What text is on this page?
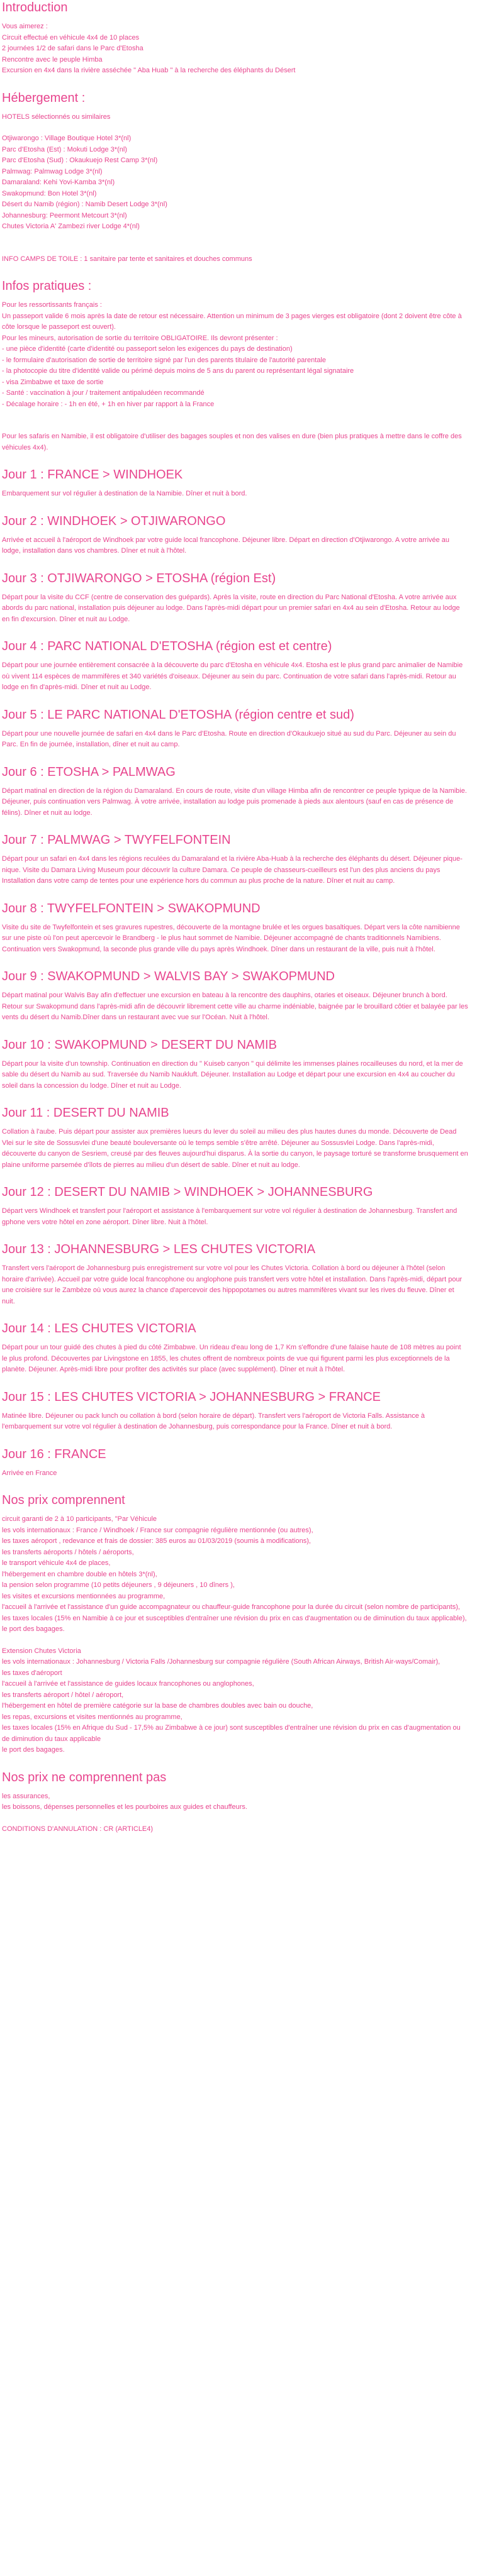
Introduction
Vous aimerez :
Circuit effectué en véhicule 4x4 de 10 places
2 journées 1/2 de safari dans le Parc d'Etosha
Rencontre avec le peuple Himba
Excursion en 4x4 dans la rivière asséchée " Aba Huab " à la recherche des éléphants du Désert
Hébergement :
HOTELS sélectionnés ou similaires
Otjiwarongo : Village Boutique Hotel 3*(nl)
Parc d'Etosha (Est) : Mokuti Lodge 3*(nl)
Parc d'Etosha (Sud) : Okaukuejo Rest Camp 3*(nl)
Palmwag: Palmwag Lodge 3*(nl)
Damaraland: Kehi Yovi-Kamba 3*(nl)
Swakopmund: Bon Hotel 3*(nl)
Désert du Namib (région) : Namib Desert Lodge 3*(nl)
Johannesburg: Peermont Metcourt 3*(nl)
Chutes Victoria A' Zambezi river Lodge 4*(nl)
INFO CAMPS DE TOILE : 1 sanitaire par tente et sanitaires et douches communs
Infos pratiques :
Pour les ressortissants français :
Un passeport valide 6 mois après la date de retour est nécessaire. Attention un minimum de 3 pages vierges est obligatoire (dont 2 doivent être côte à côte lorsque le passeport est ouvert).
Pour les mineurs, autorisation de sortie du territoire OBLIGATOIRE. Ils devront présenter :
- une pièce d'identité (carte d'identité ou passeport selon les exigences du pays de destination)
- le formulaire d'autorisation de sortie de territoire signé par l'un des parents titulaire de l'autorité parentale
- la photocopie du titre d'identité valide ou périmé depuis moins de 5 ans du parent ou représentant légal signataire
- visa Zimbabwe et taxe de sortie
- Santé : vaccination à jour / traitement antipaludéen recommandé
- Décalage horaire : - 1h en été, + 1h en hiver par rapport à la France
Pour les safaris en Namibie, il est obligatoire d'utiliser des bagages souples et non des valises en dure (bien plus pratiques à mettre dans le coffre des véhicules 4x4).
Jour 1 : FRANCE > WINDHOEK
Embarquement sur vol régulier à destination de la Namibie. Dîner et nuit à bord.
Jour 2 : WINDHOEK > OTJIWARONGO
Arrivée et accueil à l'aéroport de Windhoek par votre guide local francophone. Déjeuner libre. Départ en direction d'Otjiwarongo. A votre arrivée au lodge, installation dans vos chambres. Dîner et nuit à l'hôtel.
Jour 3 : OTJIWARONGO > ETOSHA (région Est)
Départ pour la visite du CCF (centre de conservation des guépards). Après la visite, route en direction du Parc National d'Etosha. A votre arrivée aux abords du parc national, installation puis déjeuner au lodge. Dans l'après-midi départ pour un premier safari en 4x4 au sein d'Etosha. Retour au lodge en fin d'excursion. Dîner et nuit au Lodge.
Jour 4 : PARC NATIONAL D'ETOSHA (région est et centre)
Départ pour une journée entièrement consacrée à la découverte du parc d'Etosha en véhicule 4x4. Etosha est le plus grand parc animalier de Namibie où vivent 114 espèces de mammifères et 340 variétés d'oiseaux. Déjeuner au sein du parc. Continuation de votre safari dans l'après-midi. Retour au lodge en fin d'après-midi. Dîner et nuit au Lodge.
Jour 5 : LE PARC NATIONAL D'ETOSHA (région centre et sud)
Départ pour une nouvelle journée de safari en 4x4 dans le Parc d'Etosha. Route en direction d'Okaukuejo situé au sud du Parc. Déjeuner au sein du Parc. En fin de journée, installation, dîner et nuit au camp.
Jour 6 : ETOSHA > PALMWAG
Départ matinal en direction de la région du Damaraland. En cours de route, visite d'un village Himba afin de rencontrer ce peuple typique de la Namibie. Déjeuner, puis continuation vers Palmwag. À votre arrivée, installation au lodge puis promenade à pieds aux alentours (sauf en cas de présence de félins). Dîner et nuit au lodge.
Jour 7 : PALMWAG > TWYFELFONTEIN
Départ pour un safari en 4x4 dans les régions reculées du Damaraland et la rivière Aba-Huab à la recherche des éléphants du désert. Déjeuner pique-nique. Visite du Damara Living Museum pour découvrir la culture Damara. Ce peuple de chasseurs-cueilleurs est l'un des plus anciens du pays Installation dans votre camp de tentes pour une expérience hors du commun au plus proche de la nature. Dîner et nuit au camp.
Jour 8 : TWYFELFONTEIN > SWAKOPMUND
Visite du site de Twyfelfontein et ses gravures rupestres, découverte de la montagne brulée et les orgues basaltiques. Départ vers la côte namibienne sur une piste où l'on peut apercevoir le Brandberg - le plus haut sommet de Namibie. Déjeuner accompagné de chants traditionnels Namibiens. Continuation vers Swakopmund, la seconde plus grande ville du pays après Windhoek. Dîner dans un restaurant de la ville, puis nuit à l'hôtel.
Jour 9 : SWAKOPMUND > WALVIS BAY > SWAKOPMUND
Départ matinal pour Walvis Bay afin d'effectuer une excursion en bateau à la rencontre des dauphins, otaries et oiseaux. Déjeuner brunch à bord. Retour sur Swakopmund dans l'après-midi afin de découvrir librement cette ville au charme indéniable, baignée par le brouillard côtier et balayée par les vents du désert du Namib.Dîner dans un restaurant avec vue sur l'Océan. Nuit à l'hôtel.
Jour 10 : SWAKOPMUND > DESERT DU NAMIB
Départ pour la visite d'un township. Continuation en direction du " Kuiseb canyon " qui délimite les immenses plaines rocailleuses du nord, et la mer de sable du désert du Namib au sud. Traversée du Namib Naukluft. Déjeuner. Installation au Lodge et départ pour une excursion en 4x4 au coucher du soleil dans la concession du lodge. Dîner et nuit au Lodge.
Jour 11 : DESERT DU NAMIB
Collation à l'aube. Puis départ pour assister aux premières lueurs du lever du soleil au milieu des plus hautes dunes du monde. Découverte de Dead Vlei sur le site de Sossusvlei d'une beauté bouleversante où le temps semble s'être arrêté. Déjeuner au Sossusvlei Lodge. Dans l'après-midi, découverte du canyon de Sesriem, creusé par des fleuves aujourd'hui disparus. À la sortie du canyon, le paysage torturé se transforme brusquement en plaine uniforme parsemée d'îlots de pierres au milieu d'un désert de sable. Dîner et nuit au lodge.
Jour 12 : DESERT DU NAMIB > WINDHOEK > JOHANNESBURG
Départ vers Windhoek et transfert pour l'aéroport et assistance à l'embarquement sur votre vol régulier à destination de Johannesburg. Transfert and gphone vers votre hôtel en zone aéroport. Dîner libre. Nuit à l'hôtel.
Jour 13 : JOHANNESBURG > LES CHUTES VICTORIA
Transfert vers l'aéroport de Johannesburg puis enregistrement sur votre vol pour les Chutes Victoria. Collation à bord ou déjeuner à l'hôtel (selon horaire d'arrivée). Accueil par votre guide local francophone ou anglophone puis transfert vers votre hôtel et installation. Dans l'après-midi, départ pour une croisière sur le Zambèze où vous aurez la chance d'apercevoir des hippopotames ou autres mammifères vivant sur les rives du fleuve. Dîner et nuit.
Jour 14 : LES CHUTES VICTORIA
Départ pour un tour guidé des chutes à pied du côté Zimbabwe. Un rideau d'eau long de 1,7 Km s'effondre d'une falaise haute de 108 mètres au point le plus profond. Découvertes par Livingstone en 1855, les chutes offrent de nombreux points de vue qui figurent parmi les plus exceptionnels de la planète. Déjeuner. Après-midi libre pour profiter des activités sur place (avec supplément). Dîner et nuit à l'hôtel.
Jour 15 : LES CHUTES VICTORIA > JOHANNESBURG > FRANCE
Matinée libre. Déjeuner ou pack lunch ou collation à bord (selon horaire de départ). Transfert vers l'aéroport de Victoria Falls. Assistance à l'embarquement sur votre vol régulier à destination de Johannesburg, puis correspondance pour la France. Dîner et nuit à bord.
Jour 16 : FRANCE
Arrivée en France
Nos prix comprennent
circuit garanti de 2 à 10 participants, "Par Véhicule
les vols internationaux : France / Windhoek / France sur compagnie régulière mentionnée (ou autres),
les taxes aéroport , redevance et frais de dossier: 385 euros au 01/03/2019 (soumis à modifications),
les transferts aéroports / hôtels / aéroports,
le transport véhicule 4x4 de places,
l'hébergement en chambre double en hôtels 3*(nl),
la pension selon programme (10 petits déjeuners , 9 déjeuners , 10 dîners ),
les visites et excursions mentionnées au programme,
l'accueil à l'arrivée et l'assistance d'un guide accompagnateur ou chauffeur-guide francophone pour la durée du circuit (selon nombre de participants),
les taxes locales (15% en Namibie à ce jour et susceptibles d'entraîner une révision du prix en cas d'augmentation ou de diminution du taux applicable), le port des bagages.
Extension Chutes Victoria
les vols internationaux : Johannesburg / Victoria Falls /Johannesburg sur compagnie régulière (South African Airways, British Air-ways/Comair),
les taxes d'aéroport
l'accueil à l'arrivée et l'assistance de guides locaux francophones ou anglophones,
les transferts aéroport / hôtel / aéroport,
l'hébergement en hôtel de première catégorie sur la base de chambres doubles avec bain ou douche,
les repas, excursions et visites mentionnés au programme,
les taxes locales (15% en Afrique du Sud - 17,5% au Zimbabwe à ce jour) sont susceptibles d'entraîner une révision du prix en cas d'augmentation ou de diminution du taux applicable
le port des bagages.
Nos prix ne comprennent pas
les assurances,
les boissons, dépenses personnelles et les pourboires aux guides et chauffeurs.
CONDITIONS D'ANNULATION : CR (ARTICLE4)
